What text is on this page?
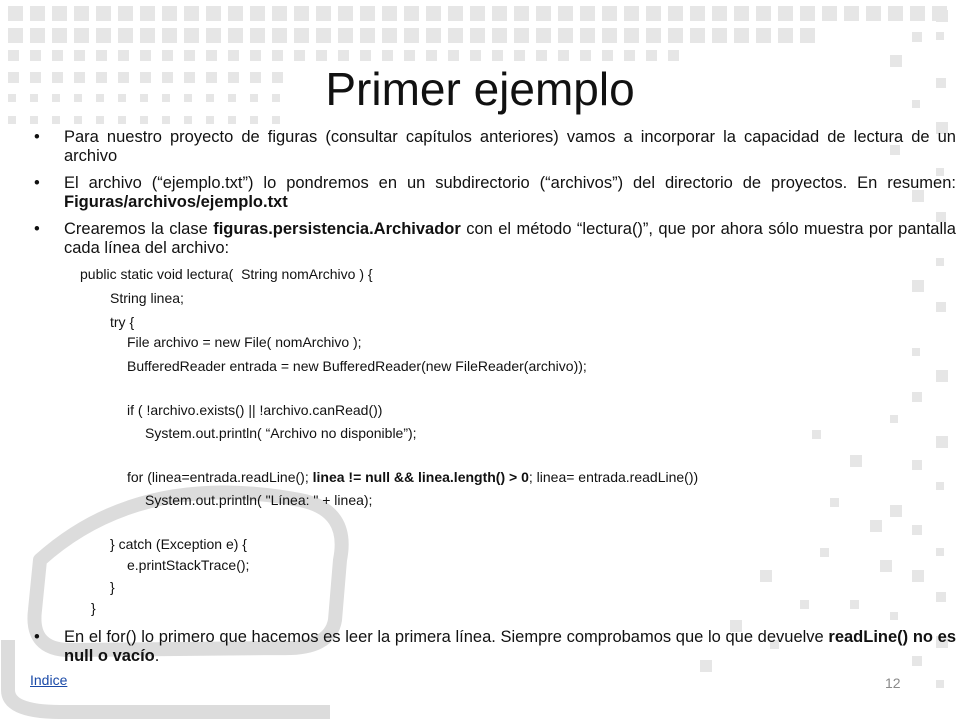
Primer ejemplo
• Para nuestro proyecto de figuras (consultar capítulos anteriores) vamos a incorporar la capacidad de lectura de un archivo
• El archivo (“ejemplo.txt”) lo pondremos en un subdirectorio (“archivos”) del directorio de proyectos. En resumen: Figuras/archivos/ejemplo.txt
• Crearemos la clase figuras.persistencia.Archivador con el método “lectura()”, que por ahora sólo muestra por pantalla cada línea del archivo:
public static void lectura(  String nomArchivo ) {
String linea;
try {
File archivo = new File( nomArchivo );
BufferedReader entrada = new BufferedReader(new FileReader(archivo));
if ( !archivo.exists() || !archivo.canRead())
System.out.println( “Archivo no disponible”);
for (linea=entrada.readLine(); linea != null && linea.length() > 0; linea= entrada.readLine())
System.out.println( "Línea: " + linea);
} catch (Exception e) {
e.printStackTrace();
}
}
• En el for() lo primero que hacemos es leer la primera línea. Siempre comprobamos que lo que devuelve readLine() no es null o vacío.
Indice	12
